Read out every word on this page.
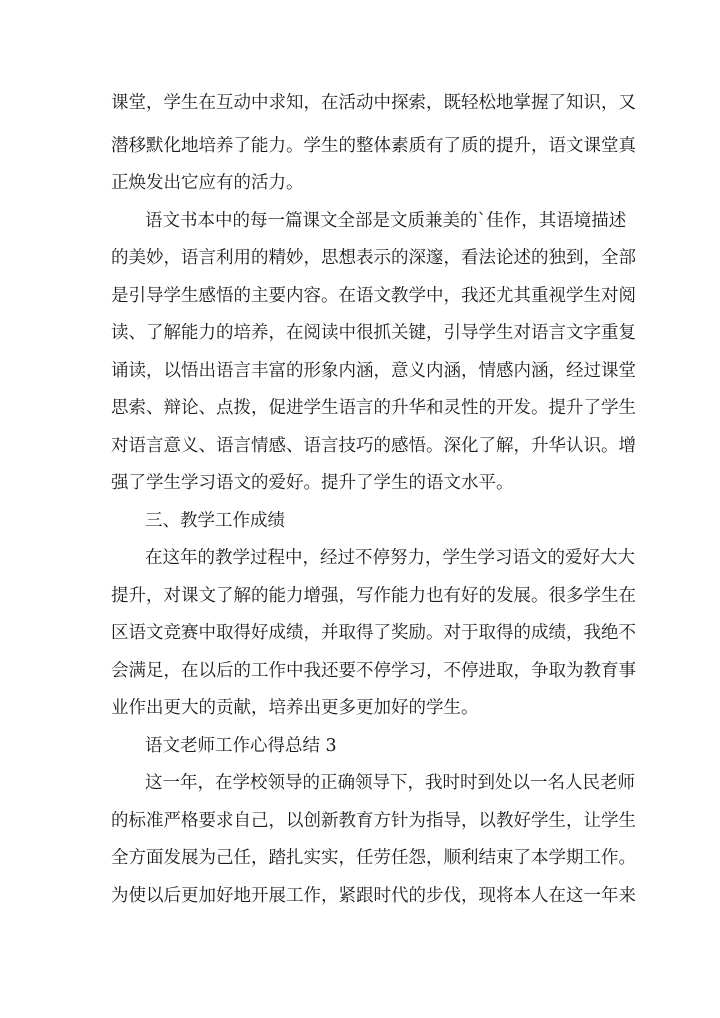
课堂，学生在互动中求知，在活动中探索，既轻松地掌握了知识，又
潜移默化地培养了能力。学生的整体素质有了质的提升，语文课堂真
正焕发出它应有的活力。
语文书本中的每一篇课文全部是文质兼美的`佳作，其语境描述
的美妙，语言利用的精妙，思想表示的深邃，看法论述的独到，全部
是引导学生感悟的主要内容。在语文教学中，我还尤其重视学生对阅
读、了解能力的培养，在阅读中很抓关键，引导学生对语言文字重复
诵读，以悟出语言丰富的形象内涵，意义内涵，情感内涵，经过课堂
思索、辩论、点拨，促进学生语言的升华和灵性的开发。提升了学生
对语言意义、语言情感、语言技巧的感悟。深化了解，升华认识。增
强了学生学习语文的爱好。提升了学生的语文水平。
三、教学工作成绩
在这年的教学过程中，经过不停努力，学生学习语文的爱好大大
提升，对课文了解的能力增强，写作能力也有好的发展。很多学生在
区语文竞赛中取得好成绩，并取得了奖励。对于取得的成绩，我绝不
会满足，在以后的工作中我还要不停学习，不停进取，争取为教育事
业作出更大的贡献，培养出更多更加好的学生。
语文老师工作心得总结 3
这一年，在学校领导的正确领导下，我时时到处以一名人民老师
的标准严格要求自己，以创新教育方针为指导，以教好学生，让学生
全方面发展为己任，踏扎实实，任劳任怨，顺利结束了本学期工作。
为使以后更加好地开展工作，紧跟时代的步伐，现将本人在这一年来
